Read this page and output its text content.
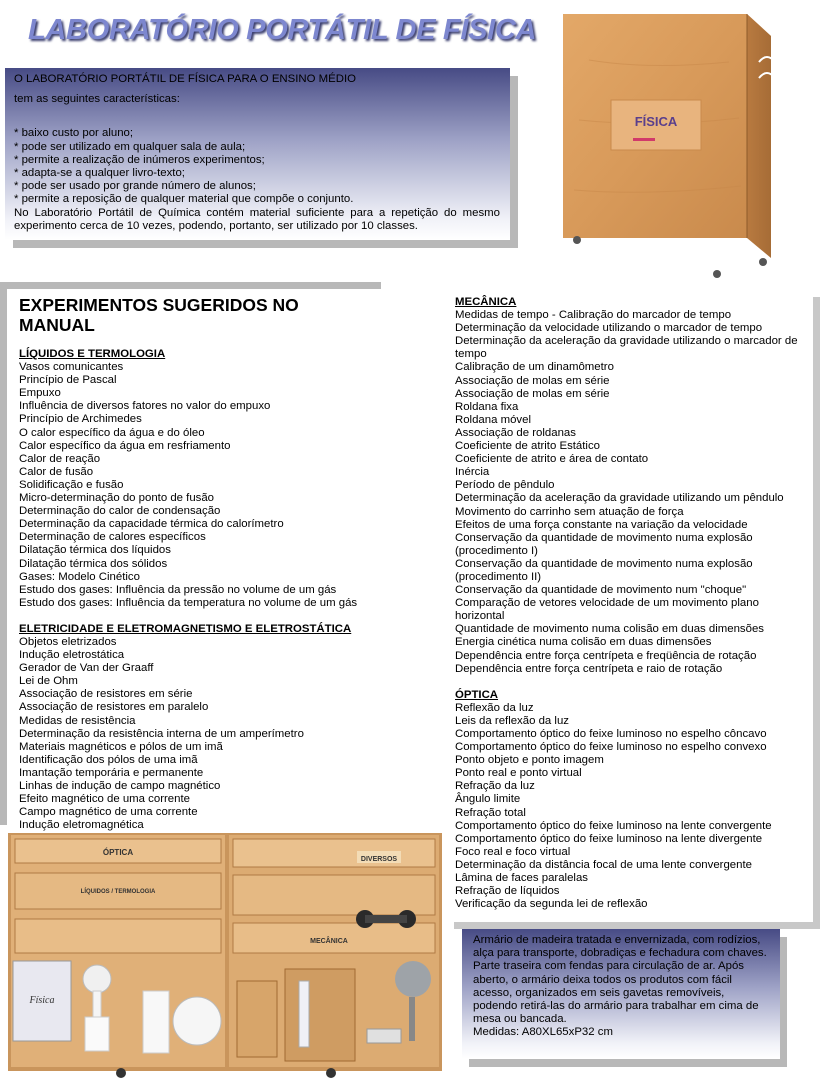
LABORATÓRIO PORTÁTIL DE FÍSICA

O LABORATÓRIO PORTÁTIL DE FÍSICA PARA O ENSINO MÉDIO

tem as seguintes características:

* baixo custo por aluno;

* pode ser utilizado em qualquer sala de aula;

* permite a realização de inúmeros experimentos;

* adapta-se a qualquer livro-texto;

* pode ser usado por grande número de alunos;

* permite a reposição de qualquer material que compõe o conjunto.

No Laboratório Portátil de Química contém material suficiente para a repetição do mesmo experimento cerca de 10 vezes, podendo, portanto, ser utilizado por 10 classes.

FÍSICA
EXPERIMENTOS SUGERIDOS NO MANUAL
LÍQUIDOS E TERMOLOGIA
Vasos comunicantes
Princípio de Pascal
Empuxo
Influência de diversos fatores no valor do empuxo
Princípio de Archimedes
O calor específico da água e do óleo
Calor específico da água em resfriamento
Calor de reação
Calor de fusão
Solidificação e fusão
Micro-determinação do ponto de fusão
Determinação do calor de condensação
Determinação da capacidade térmica do calorímetro
Determinação de calores específicos
Dilatação térmica dos líquidos
Dilatação térmica dos sólidos
Gases: Modelo Cinético
Estudo dos gases: Influência da pressão no volume de um gás
Estudo dos gases: Influência da temperatura no volume de um gás
ELETRICIDADE E ELETROMAGNETISMO E ELETROSTÁTICA
Objetos eletrizados
Indução eletrostática
Gerador de Van der Graaff
Lei de Ohm
Associação de resistores em série
Associação de resistores em paralelo
Medidas de resistência
Determinação da resistência interna de um amperímetro
Materiais magnéticos e pólos de um imã
Identificação dos pólos de uma imã
Imantação temporária e permanente
Linhas de indução de campo magnético
Efeito magnético de uma corrente
Campo magnético de uma corrente
Indução eletromagnética
MECÂNICA
Medidas de tempo - Calibração do marcador de tempo
Determinação da velocidade utilizando o marcador de tempo
Determinação da aceleração da gravidade utilizando o marcador de tempo
Calibração de um dinamômetro
Associação de molas em série
Associação de molas em série
Roldana fixa
Roldana móvel
Associação de roldanas
Coeficiente de atrito Estático
Coeficiente de atrito e área de contato
Inércia
Período de pêndulo
Determinação da aceleração da gravidade utilizando um pêndulo
Movimento do carrinho sem atuação de força
Efeitos de uma força constante na variação da velocidade
Conservação da quantidade de movimento numa explosão (procedimento I)
Conservação da quantidade de movimento numa explosão (procedimento II)
Conservação da quantidade de movimento num "choque"
Comparação de vetores velocidade de um movimento plano horizontal
Quantidade de movimento numa colisão em duas dimensões
Energia cinética numa colisão em duas dimensões
Dependência entre força centrípeta e freqüência de rotação
Dependência entre força centrípeta e raio de rotação
ÓPTICA
Reflexão da luz
Leis da reflexão da luz
Comportamento óptico do feixe luminoso no espelho côncavo
Comportamento óptico do feixe luminoso no espelho convexo
Ponto objeto e ponto imagem
Ponto real e ponto virtual
Refração da luz
Ângulo limite
Refração total
Comportamento óptico do feixe luminoso na lente convergente
Comportamento óptico do feixe luminoso na lente divergente
Foco real e foco virtual
Determinação da distância focal de uma lente convergente
Lâmina de faces paralelas
Refração de líquidos
Verificação da segunda lei de reflexão
ÓPTICA
LÍQUIDOS / TERMOLOGIA
DIVERSOS
MECÂNICA
Física

Armário de madeira tratada e envernizada, com rodízios, alça para transporte, dobradiças e fechadura com chaves. Parte traseira com fendas para circulação de ar. Após aberto, o armário deixa todos os produtos com fácil acesso, organizados em seis gavetas removíveis, podendo retirá-las do armário para trabalhar em cima de mesa ou bancada.

Medidas: A80XL65xP32 cm
